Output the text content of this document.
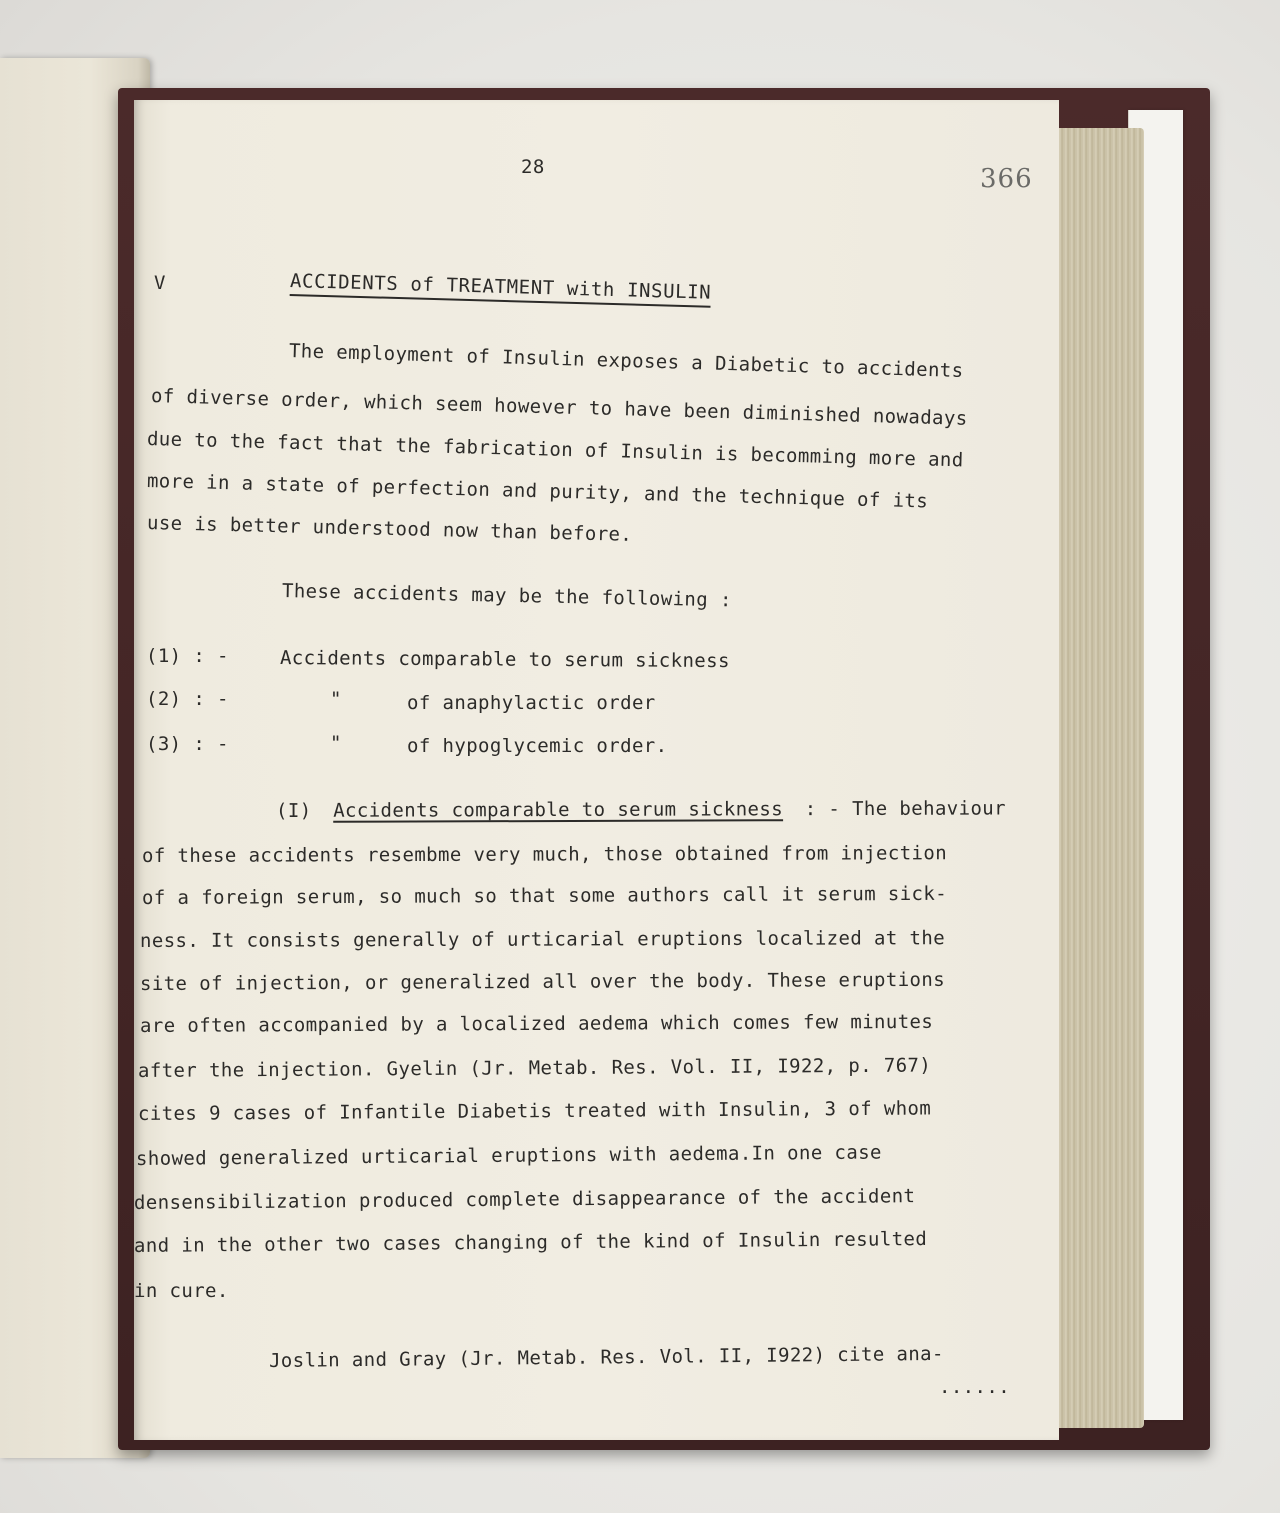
28	366
V	ACCIDENTS of TREATMENT with INSULIN
The employment of Insulin exposes a Diabetic to accidents
of diverse order, which seem however to have been diminished nowadays
due to the fact that the fabrication of Insulin is becomming more and
more in a state of perfection and purity, and the technique of its
use is better understood now than before.
These accidents may be the following :
(1) : -	Accidents comparable to serum sickness
(2) : -	"	of anaphylactic order
(3) : -	"	of hypoglycemic order.
(I) Accidents comparable to serum sickness : - The behaviour
of these accidents resembme very much, those obtained from injection
of a foreign serum, so much so that some authors call it serum sick-
ness. It consists generally of urticarial eruptions localized at the
site of injection, or generalized all over the body. These eruptions
are often accompanied by a localized aedema which comes few minutes
after the injection. Gyelin (Jr. Metab. Res. Vol. II, I922, p. 767)
cites 9 cases of Infantile Diabetis treated with Insulin, 3 of whom
showed generalized urticarial eruptions with aedema.In one case
densensibilization produced complete disappearance of the accident
and in the other two cases changing of the kind of Insulin resulted
in cure.
Joslin and Gray (Jr. Metab. Res. Vol. II, I922) cite ana-
......
